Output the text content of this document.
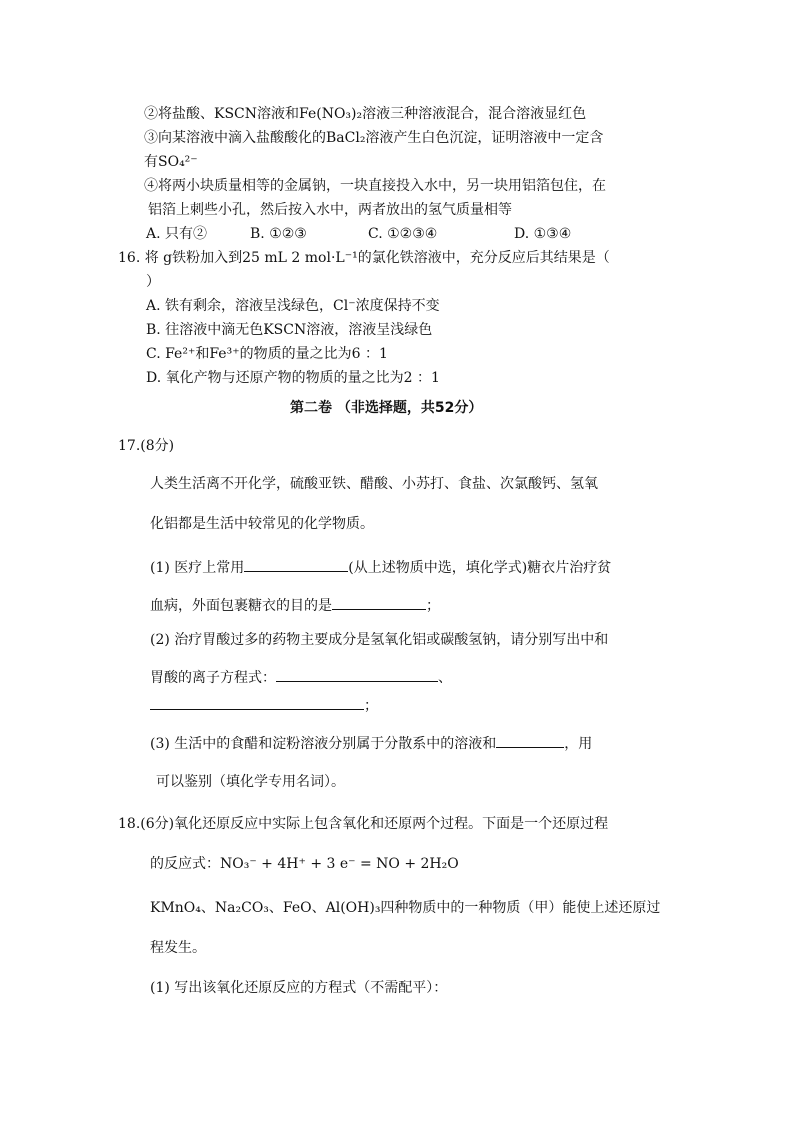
②将盐酸、KSCN溶液和Fe(NO₃)₂溶液三种溶液混合，混合溶液显红色
③向某溶液中滴入盐酸酸化的BaCl₂溶液产生白色沉淀，证明溶液中一定含
有SO₄²⁻
④将两小块质量相等的金属钠，一块直接投入水中，另一块用铝箔包住，在
铝箔上刺些小孔，然后按入水中，两者放出的氢气质量相等
A. 只有②	B. ①②③	C. ①②③④	D. ①③④
16. 将 g铁粉加入到25 mL 2 mol·L⁻¹的氯化铁溶液中，充分反应后其结果是（
）
A. 铁有剩余，溶液呈浅绿色，Cl⁻浓度保持不变
B. 往溶液中滴无色KSCN溶液，溶液呈浅绿色
C. Fe²⁺和Fe³⁺的物质的量之比为6 ：1
D. 氧化产物与还原产物的物质的量之比为2 ：1
第二卷 （非选择题，共52分）
17.(8分)
人类生活离不开化学，硫酸亚铁、醋酸、小苏打、食盐、次氯酸钙、氢氧
化铝都是生活中较常见的化学物质。
(1) 医疗上常用	(从上述物质中选，填化学式)糖衣片治疗贫
血病，外面包裹糖衣的目的是	；
(2) 治疗胃酸过多的药物主要成分是氢氧化铝或碳酸氢钠，请分别写出中和
胃酸的离子方程式：	、
；
(3) 生活中的食醋和淀粉溶液分别属于分散系中的溶液和	，用
可以鉴别（填化学专用名词）。
18.(6分)氧化还原反应中实际上包含氧化和还原两个过程。下面是一个还原过程
的反应式：NO₃⁻ + 4H⁺ + 3 e⁻ = NO + 2H₂O
KMnO₄、Na₂CO₃、FeO、Al(OH)₃四种物质中的一种物质（甲）能使上述还原过
程发生。
(1) 写出该氧化还原反应的方程式（不需配平）：
